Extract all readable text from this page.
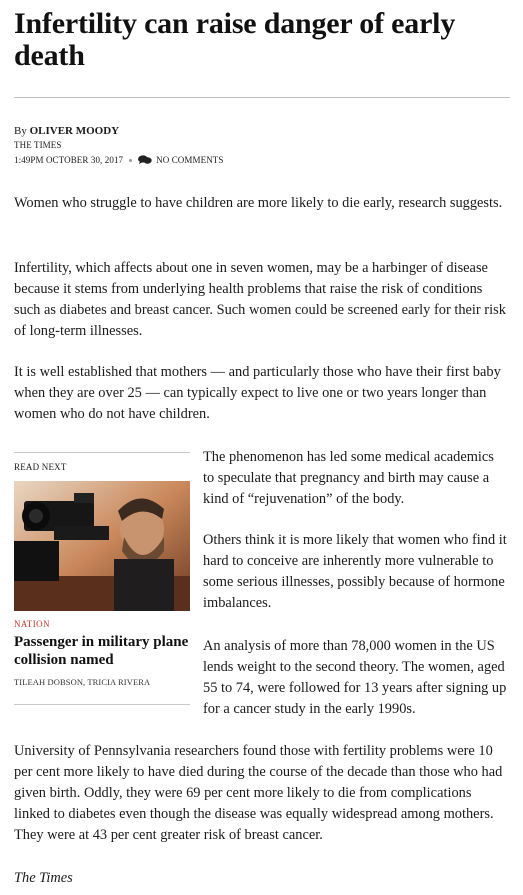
Infertility can raise danger of early death
By OLIVER MOODY
THE TIMES
1:49PM OCTOBER 30, 2017	NO COMMENTS

Women who struggle to have children are more likely to die early, research suggests.

Infertility, which affects about one in seven women, may be a harbinger of disease because it stems from underlying health problems that raise the risk of conditions such as diabetes and breast cancer. Such women could be screened early for their risk of long-term illnesses.

It is well established that mothers — and particularly those who have their first baby when they are over 25 — can typically expect to live one or two years longer than women who do not have children.

READ NEXT
NATION
Passenger in military plane collision named
TILEAH DOBSON, TRICIA RIVERA

The phenomenon has led some medical academics to speculate that pregnancy and birth may cause a kind of “rejuvenation” of the body.

Others think it is more likely that women who find it hard to conceive are inherently more vulnerable to some serious illnesses, possibly because of hormone imbalances.

An analysis of more than 78,000 women in the US lends weight to the second theory. The women, aged 55 to 74, were followed for 13 years after signing up for a cancer study in the early 1990s.

University of Pennsylvania researchers found those with fertility problems were 10 per cent more likely to have died during the course of the decade than those who had given birth. Oddly, they were 69 per cent more likely to die from complications linked to diabetes even though the disease was equally widespread among mothers. They were at 43 per cent greater risk of breast cancer.

The Times
